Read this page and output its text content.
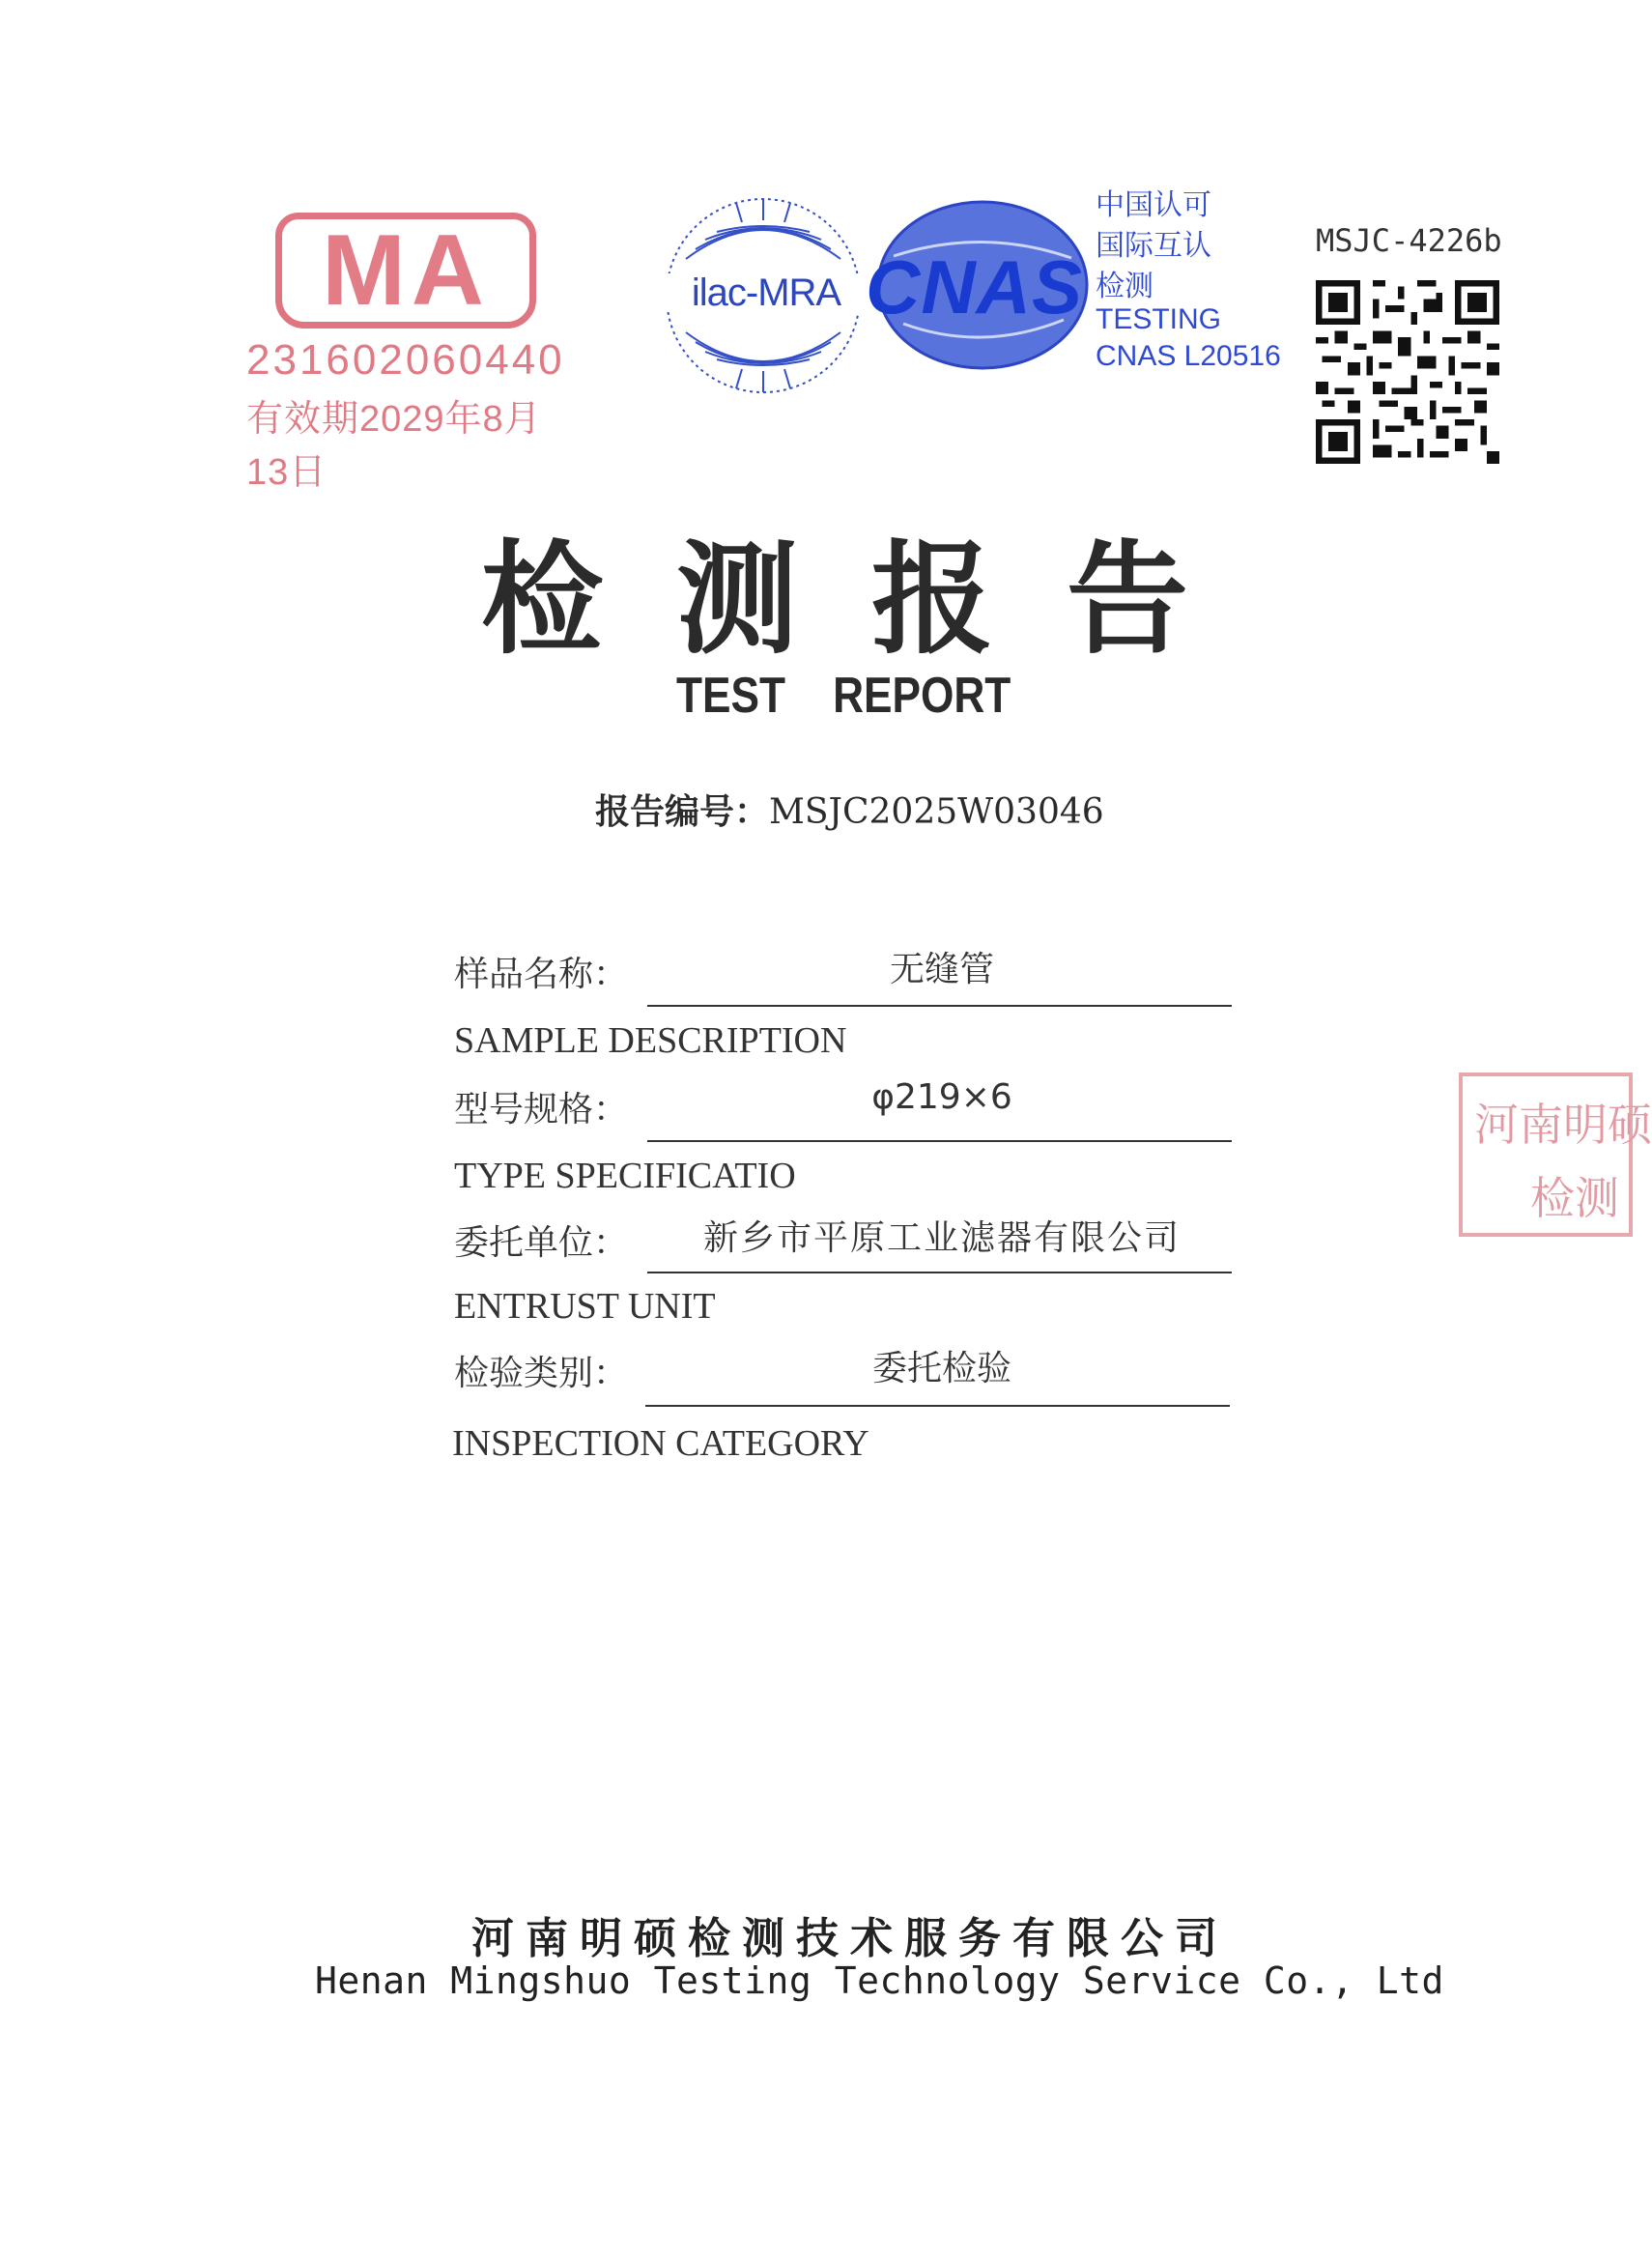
MA
231602060440
有效期2029年8月13日
ilac-MRA CNAS
中国认可
国际互认
检测
TESTING
CNAS L20516
MSJC-4226b
检测报告
TEST    REPORT
报告编号：MSJC2025W03046
样品名称：	无缝管
SAMPLE DESCRIPTION
型号规格：	φ219×6
TYPE SPECIFICATIO
委托单位：	新乡市平原工业滤器有限公司
ENTRUST UNIT
检验类别：	委托检验
INSPECTION CATEGORY
河南明硕
检测
河南明硕检测技术服务有限公司
Henan Mingshuo Testing Technology Service Co., Ltd
